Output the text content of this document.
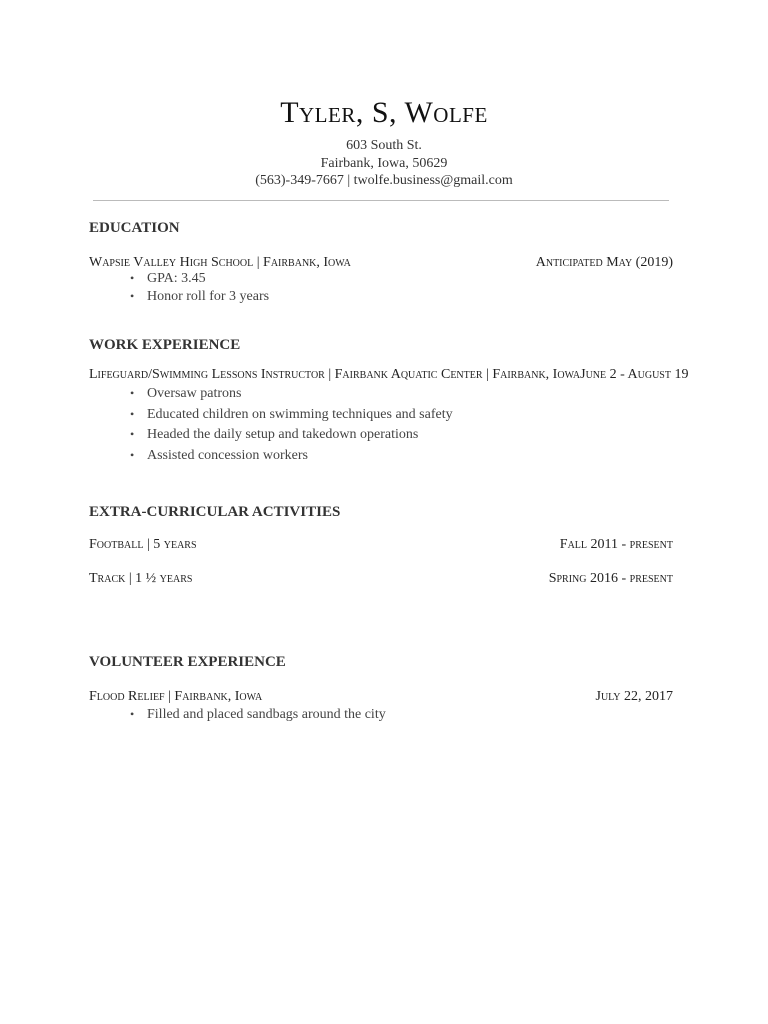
Tyler, S, Wolfe
603 South St.
Fairbank, Iowa, 50629
(563)-349-7667 | twolfe.business@gmail.com
EDUCATION
Wapsie Valley High School | Fairbank, Iowa	Anticipated May (2019)
• GPA: 3.45
• Honor roll for 3 years
WORK EXPERIENCE
Lifeguard/Swimming Lessons Instructor | Fairbank Aquatic Center | Fairbank, Iowa June 2 - August 19
• Oversaw patrons
• Educated children on swimming techniques and safety
• Headed the daily setup and takedown operations
• Assisted concession workers
EXTRA-CURRICULAR ACTIVITIES
Football | 5 years	Fall 2011 - present
Track | 1 ½ years	Spring 2016 - present
VOLUNTEER EXPERIENCE
Flood Relief | Fairbank, Iowa	July 22, 2017
• Filled and placed sandbags around the city
